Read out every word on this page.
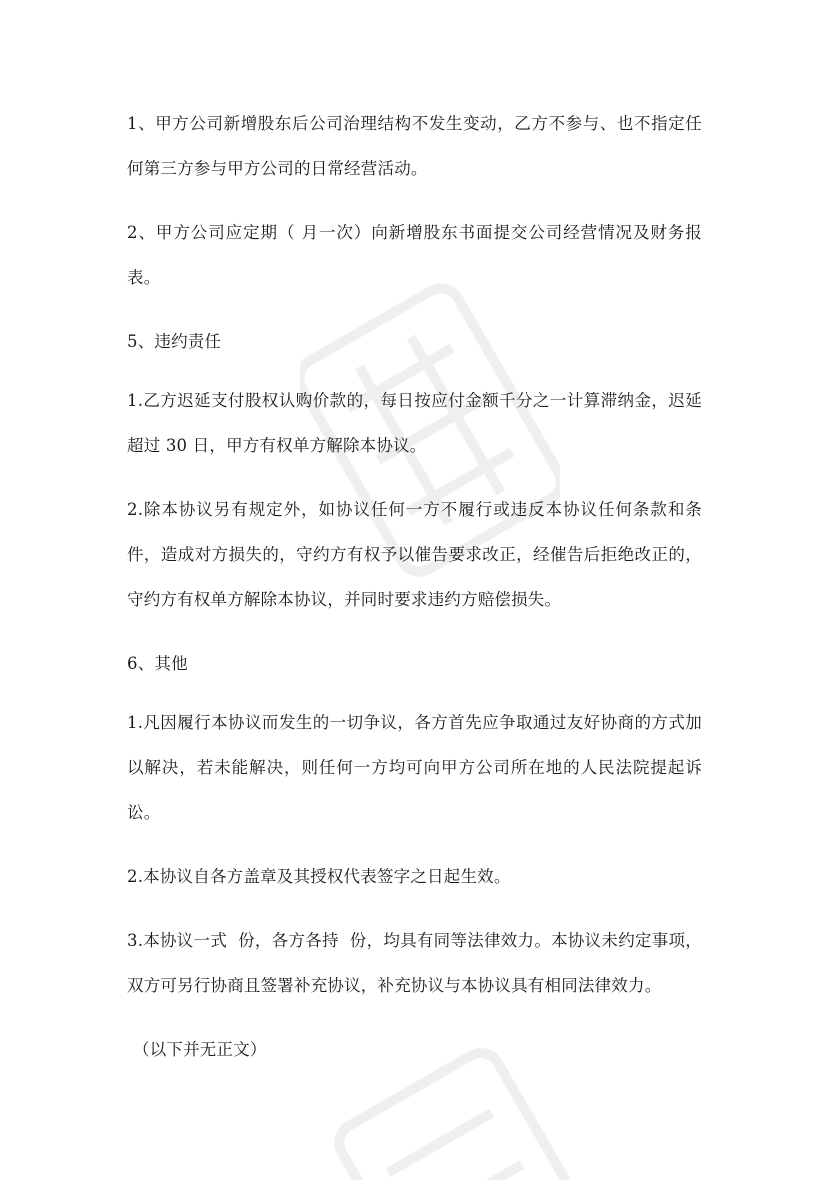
1、甲方公司新增股东后公司治理结构不发生变动，乙方不参与、也不指定任何第三方参与甲方公司的日常经营活动。

2、甲方公司应定期（ 月一次）向新增股东书面提交公司经营情况及财务报表。

5、违约责任

1.乙方迟延支付股权认购价款的，每日按应付金额千分之一计算滞纳金，迟延超过 30 日，甲方有权单方解除本协议。

2.除本协议另有规定外，如协议任何一方不履行或违反本协议任何条款和条件，造成对方损失的，守约方有权予以催告要求改正，经催告后拒绝改正的，守约方有权单方解除本协议，并同时要求违约方赔偿损失。

6、其他

1.凡因履行本协议而发生的一切争议，各方首先应争取通过友好协商的方式加以解决，若未能解决，则任何一方均可向甲方公司所在地的人民法院提起诉讼。

2.本协议自各方盖章及其授权代表签字之日起生效。

3.本协议一式  份，各方各持  份，均具有同等法律效力。本协议未约定事项，双方可另行协商且签署补充协议，补充协议与本协议具有相同法律效力。

（以下并无正文）
